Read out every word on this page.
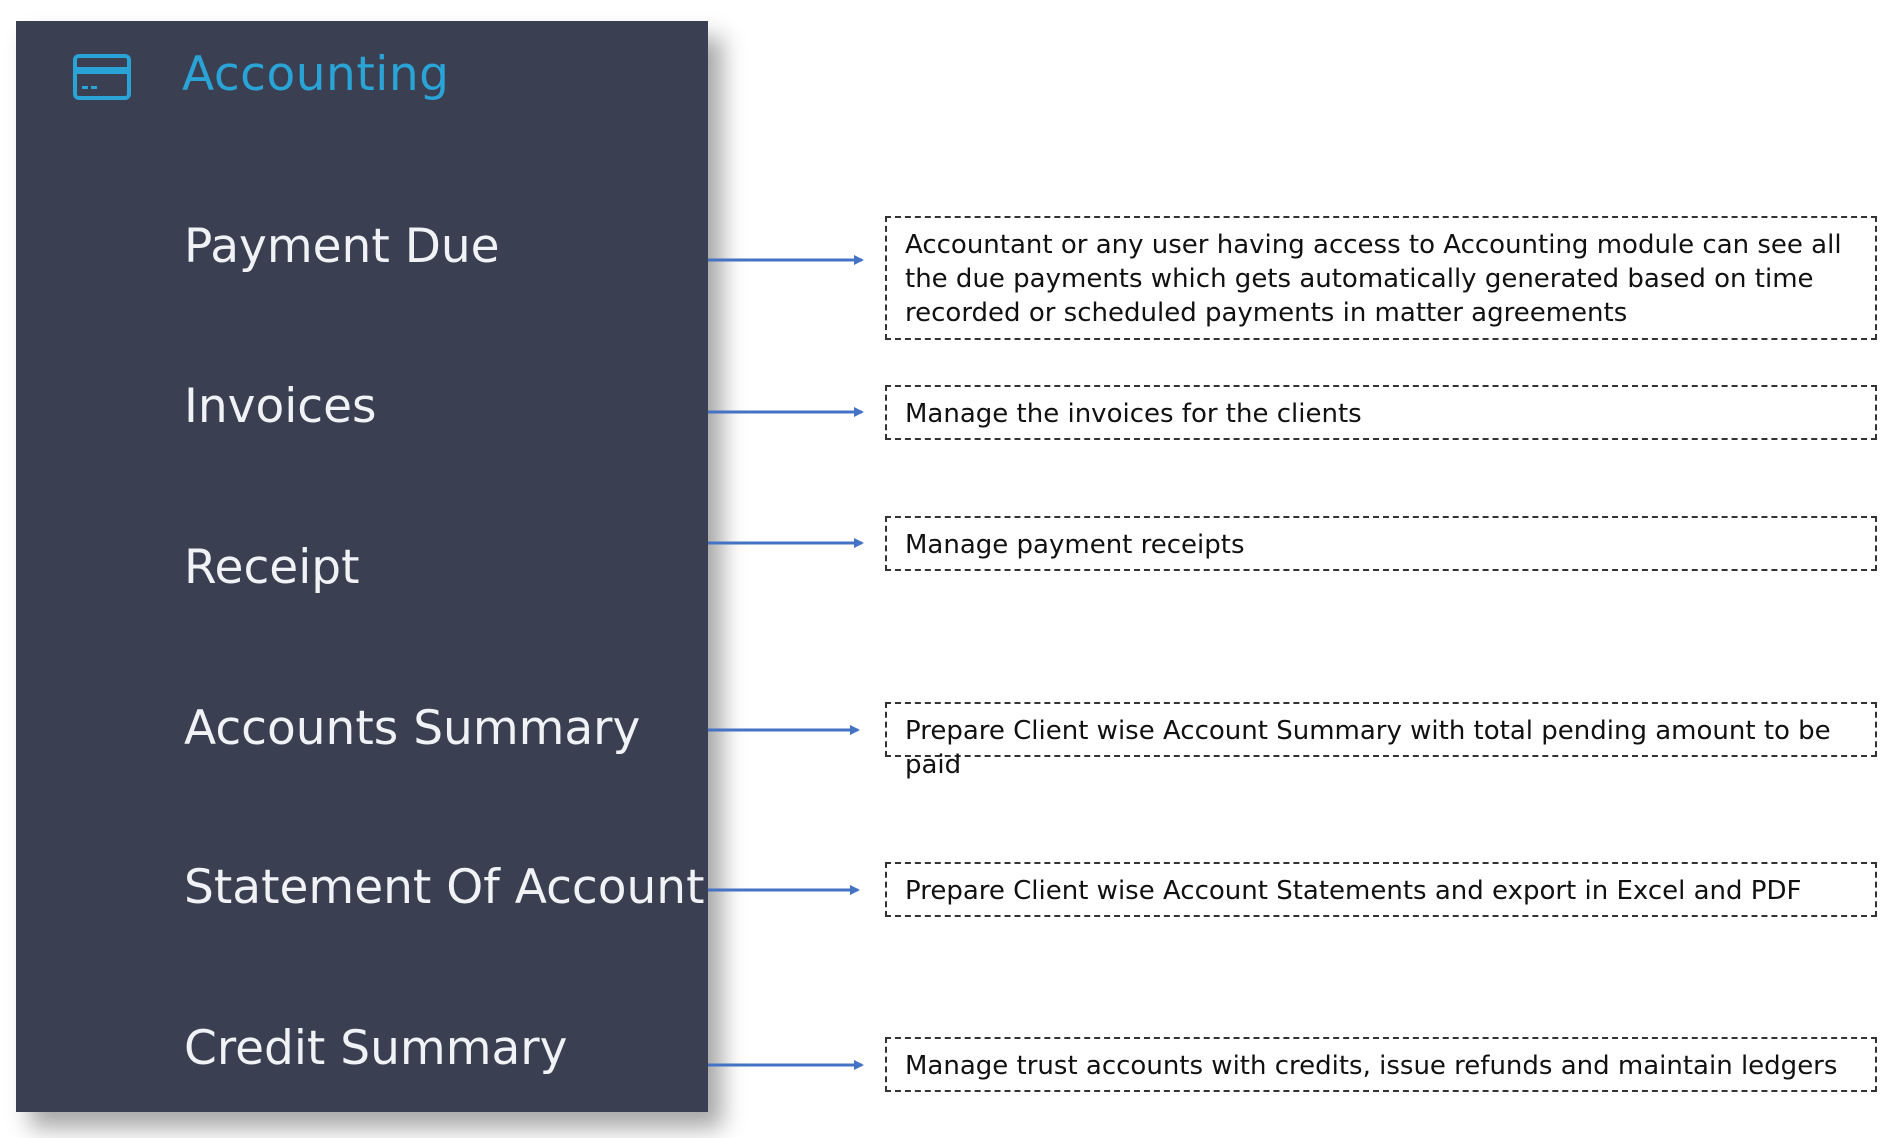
Accounting
Payment Due
Invoices
Receipt
Accounts Summary
Statement Of Account
Credit Summary
Accountant or any user having access to Accounting module can see all the due payments which gets automatically generated based on time recorded or scheduled payments in matter agreements
Manage the invoices for the clients
Manage payment receipts
Prepare Client wise Account Summary with total pending amount to be paid
Prepare Client wise Account Statements and export in Excel and PDF
Manage trust accounts with credits, issue refunds and maintain ledgers
